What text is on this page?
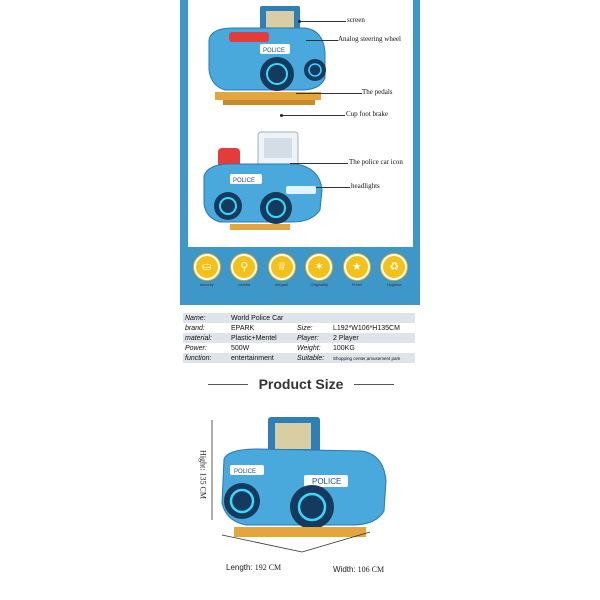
POLICE
POLICE
screen
Analog steering wheel
The pedals
Cup foot brake
The police car icon
headlights
⛀
security
⚲
careful
♕
elegant
✶
Originality
★
Fixed
♻
Hygiene
Name:	World Police Car
brand:	EPARK	Size:	L192*W106*H135CM
material:	Plastic+Mentel	Player:	2 Player
Power:	500W	Weight:	100KG
function:	entertainment	Suitable:	Shopping center,amusement park
Product Size
POLICE
POLICE
Hight: 135 CM
Length: 192 CM	Width: 106 CM
